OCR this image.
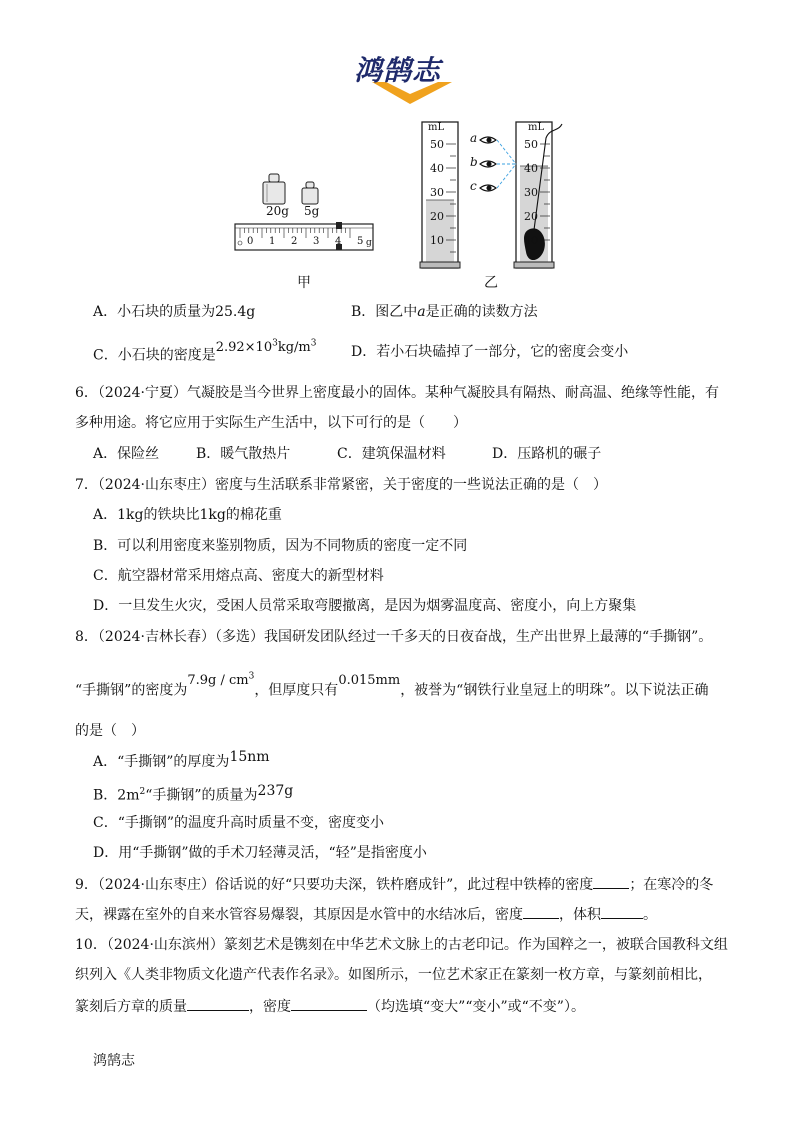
鸿鹄志
20g 5g
0 1 2 3 4 5 g
甲
mL
50
40
30
20
10
mL
50
40
30
20
10
a
b
c
乙
A．小石块的质量为25.4g	B．图乙中a是正确的读数方法
C．小石块的密度是$2.92\times 10^3kg/m^3$ D．若小石块磕掉了一部分，它的密度会变小
6．（2024·宁夏）气凝胶是当今世界上密度最小的固体。某种气凝胶具有隔热、耐高温、绝缘等性能，有
多种用途。将它应用于实际生产生活中，以下可行的是（　　）
A．保险丝	B．暖气散热片	C．建筑保温材料	D．压路机的碾子
7．（2024·山东枣庄）密度与生活联系非常紧密，关于密度的一些说法正确的是（　）
A．1kg的铁块比1kg的棉花重
B．可以利用密度来鉴别物质，因为不同物质的密度一定不同
C．航空器材常采用熔点高、密度大的新型材料
D．一旦发生火灾，受困人员常采取弯腰撤离，是因为烟雾温度高、密度小，向上方聚集
8．（2024·吉林长春）（多选）我国研发团队经过一千多天的日夜奋战，生产出世界上最薄的“手撕钢”。
“手撕钢”的密度为$7.9g / cm^3$，但厚度只有0.015mm，被誉为“钢铁行业皇冠上的明珠”。以下说法正确
的是（　）
A．“手撕钢”的厚度为15nm
B．$2m^2“$手撕钢”的质量为237g
C．“手撕钢”的温度升高时质量不变，密度变小
D．用“手撕钢”做的手术刀轻薄灵活，“轻”是指密度小
9．（2024·山东枣庄）俗话说的好“只要功夫深，铁杵磨成针”，此过程中铁棒的密度	；在寒冷的冬
天，裸露在室外的自来水管容易爆裂，其原因是水管中的水结冰后，密度	，体积	。
10．（2024·山东滨州）篆刻艺术是镌刻在中华艺术文脉上的古老印记。作为国粹之一，被联合国教科文组
织列入《人类非物质文化遗产代表作名录》。如图所示，一位艺术家正在篆刻一枚方章，与篆刻前相比，
篆刻后方章的质量	，密度	（均选填“变大”“变小”或“不变”）。
鸿鹄志
